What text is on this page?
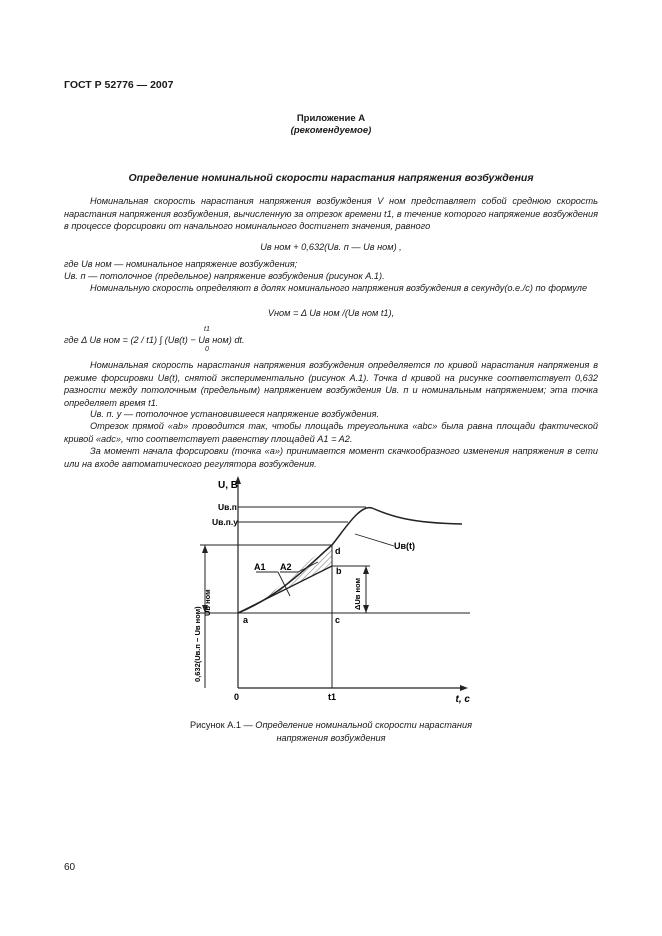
ГОСТ Р 52776 — 2007
Приложение А
(рекомендуемое)
Определение номинальной скорости нарастания напряжения возбуждения
Номинальная скорость нарастания напряжения возбуждения V ном представляет собой среднюю скорость нарастания напряжения возбуждения, вычисленную за отрезок времени t1, в течение которого напряжение возбуждения в процессе форсировки от начального номинального достигнет значения, равного
Uв ном + 0,632(Uв. п — Uв ном) ,
где Uв ном — номинальное напряжение возбуждения;
Uв. п — потолочное (предельное) напряжение возбуждения (рисунок А.1).
Номинальную скорость определяют в долях номинального напряжения возбуждения в секунду(о.е./с) по формуле
Vном = Δ Uв ном /(Uв ном t1),
t1
где Δ Uв ном = (2 / t1) ∫ (Uв(t) − Uв ном) dt.
0
Номинальная скорость нарастания напряжения возбуждения определяется по кривой нарастания напряжения в режиме форсировки Uв(t), снятой экспериментально (рисунок А.1). Точка d кривой на рисунке соответствует 0,632 разности между потолочным (предельным) напряжением возбуждения Uв. п и номинальным напряжением; эта точка определяет время t1.
Uв. п. у — потолочное установившееся напряжение возбуждения.
Отрезок прямой «ab» проводится так, чтобы площадь треугольника «abc» была равна площади фактической кривой «adc», что соответствует равенству площадей A1 = A2.
За момент начала форсировки (точка «а») принимается момент скачкообразного изменения напряжения в сети или на входе автоматического регулятора возбуждения.
U, B
t, c
0	t1
Uв.п
Uв.п.у
Uв ном
a
b
c
d
A1 A2
Uв(t)
ΔUв ном
0,632(Uв.п − Uв ном)
Рисунок А.1 — Определение номинальной скорости нарастания
напряжения возбуждения
60
